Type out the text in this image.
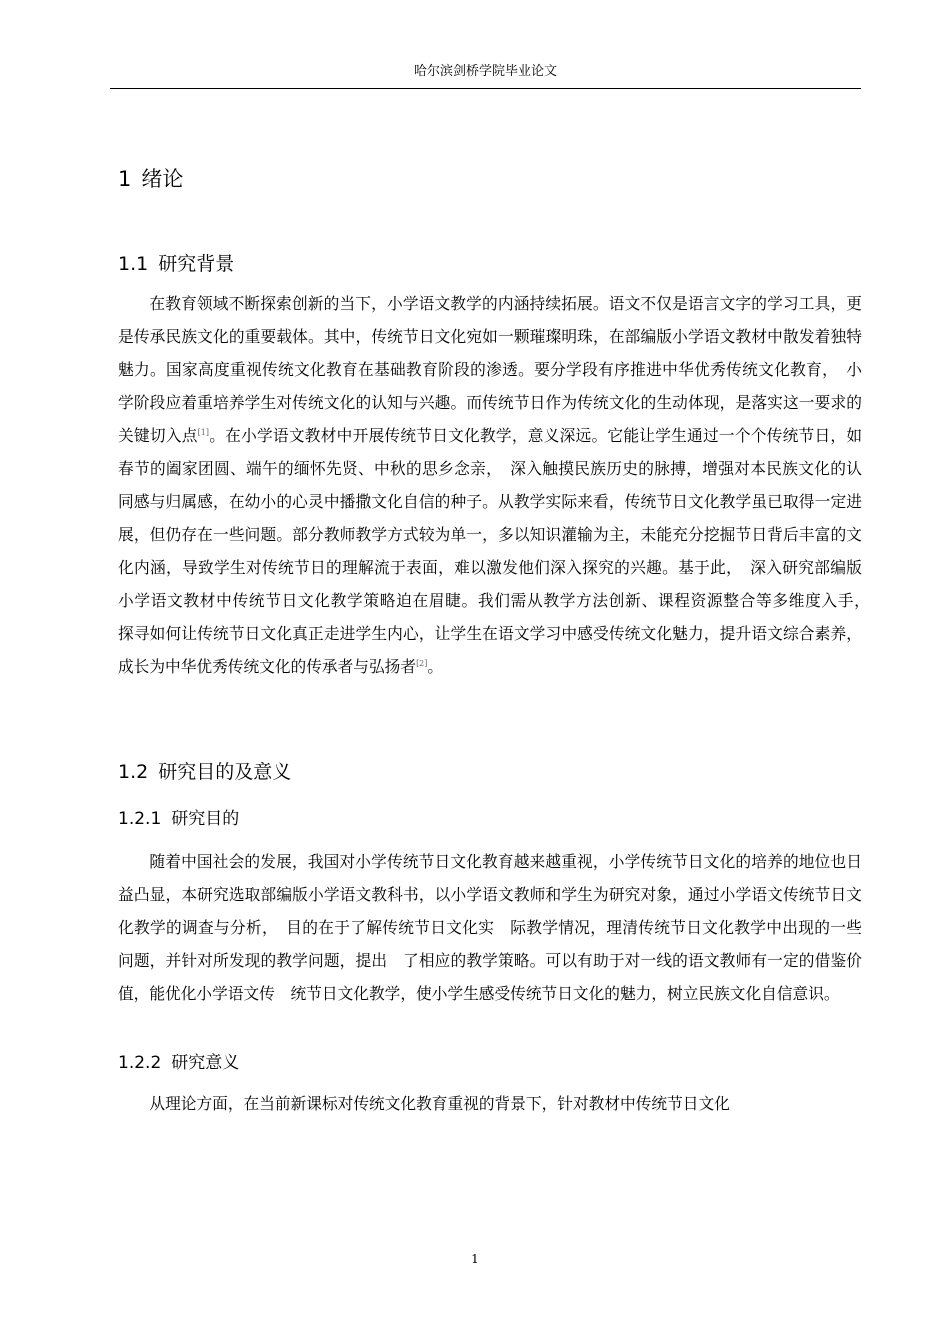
哈尔滨剑桥学院毕业论文
1 绪论
1.1 研究背景

在教育领域不断探索创新的当下，小学语文教学的内涵持续拓展。语文不仅是语言文字的学习工具，更是传承民族文化的重要载体。其中，传统节日文化宛如一颗璀璨明珠，在部编版小学语文教材中散发着独特魅力。国家高度重视传统文化教育在基础教育阶段的渗透。要分学段有序推进中华优秀传统文化教育，　小学阶段应着重培养学生对传统文化的认知与兴趣。而传统节日作为传统文化的生动体现，是落实这一要求的关键切入点[1]。在小学语文教材中开展传统节日文化教学，意义深远。它能让学生通过一个个传统节日，如春节的阖家团圆、端午的缅怀先贤、中秋的思乡念亲，　深入触摸民族历史的脉搏，增强对本民族文化的认同感与归属感，在幼小的心灵中播撒文化自信的种子。从教学实际来看，传统节日文化教学虽已取得一定进展，但仍存在一些问题。部分教师教学方式较为单一，多以知识灌输为主，未能充分挖掘节日背后丰富的文化内涵，导致学生对传统节日的理解流于表面，难以激发他们深入探究的兴趣。基于此，　深入研究部编版小学语文教材中传统节日文化教学策略迫在眉睫。我们需从教学方法创新、课程资源整合等多维度入手，　探寻如何让传统节日文化真正走进学生内心，让学生在语文学习中感受传统文化魅力，提升语文综合素养，成长为中华优秀传统文化的传承者与弘扬者[2]。

1.2 研究目的及意义
1.2.1 研究目的

随着中国社会的发展，我国对小学传统节日文化教育越来越重视，小学传统节日文化的培养的地位也日益凸显，本研究选取部编版小学语文教科书，以小学语文教师和学生为研究对象，通过小学语文传统节日文化教学的调查与分析，　目的在于了解传统节日文化实　际教学情况，理清传统节日文化教学中出现的一些问题，并针对所发现的教学问题，提出　了相应的教学策略。可以有助于对一线的语文教师有一定的借鉴价值，能优化小学语文传　统节日文化教学，使小学生感受传统节日文化的魅力，树立民族文化自信意识。

1.2.2 研究意义

从理论方面，在当前新课标对传统文化教育重视的背景下，针对教材中传统节日文化

1
